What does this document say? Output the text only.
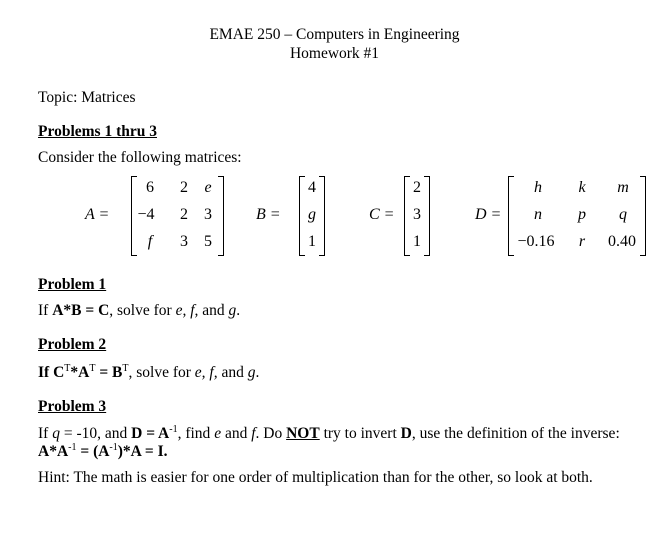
EMAE 250 – Computers in Engineering
Homework #1
Topic: Matrices
Problems 1 thru 3
Consider the following matrices:
A =
6 2 e
−4	2 3
f 3 5
B =
4
g
1
C =
2
3
1
D =
h	k	m
n	p	q
−0.16	r	0.40
Problem 1
If A*B = C, solve for e, f, and g.
Problem 2
If $C^T*A^T = B^T$, solve for e, f, and g.
Problem 3
If q = -10, and $D = A^{-1}$, find e and f. Do NOT try to invert D, use the definition of the inverse:
$A*A^{-1} = (A^{-1})*A = I$.
Hint: The math is easier for one order of multiplication than for the other, so look at both.
